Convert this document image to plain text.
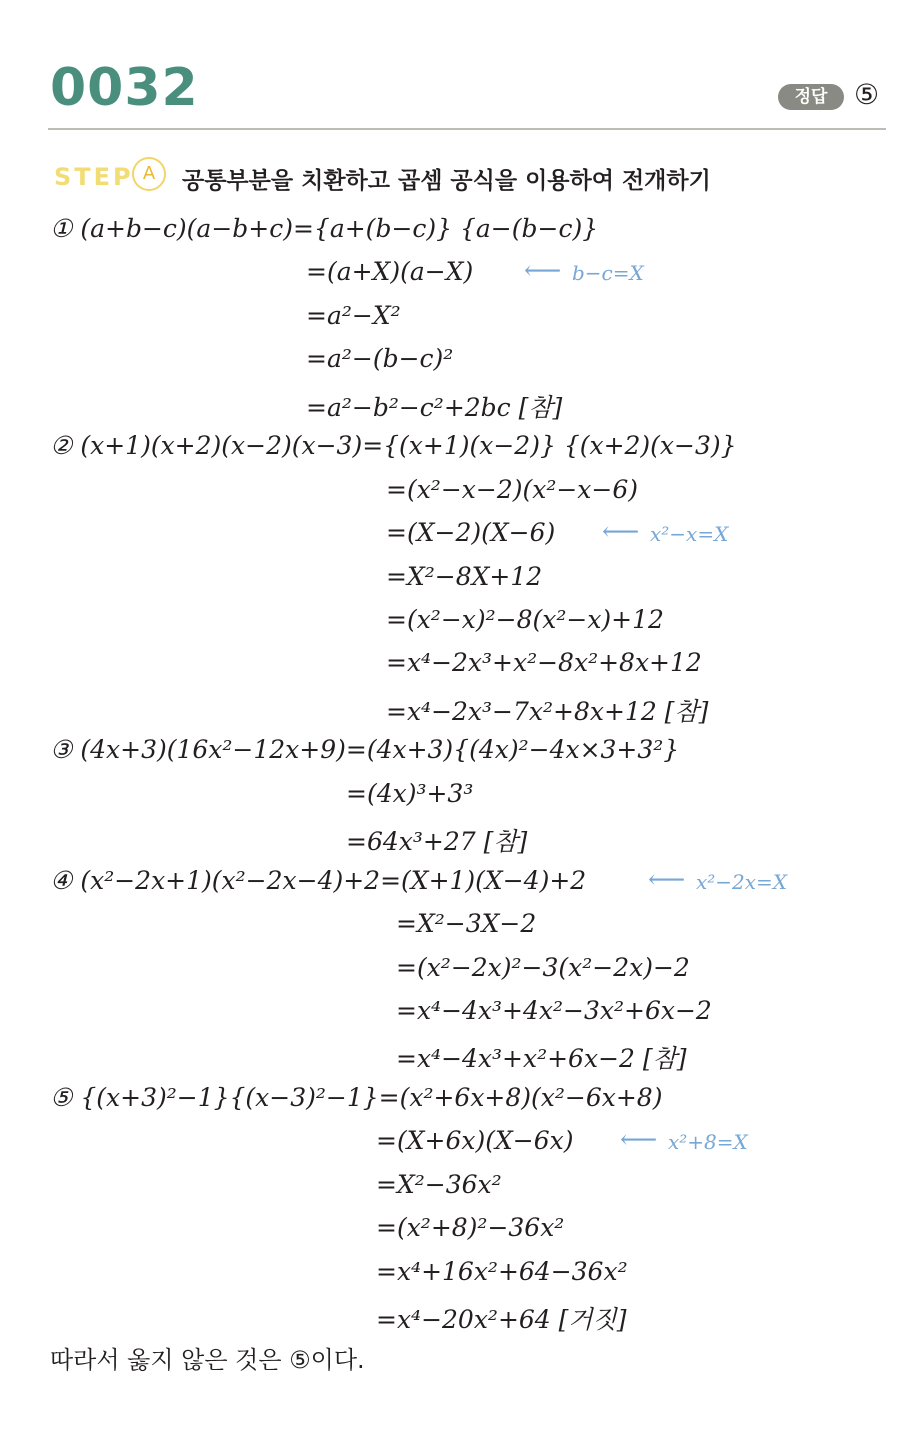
0032	정답 ⑤
STEP A	공통부분을 치환하고 곱셈 공식을 이용하여 전개하기
① (a+b−c)(a−b+c)={a+(b−c)} {a−(b−c)}
=(a+X)(a−X) ⟵ b−c=X
=a²−X²
=a²−(b−c)²
=a²−b²−c²+2bc [참]
② (x+1)(x+2)(x−2)(x−3)={(x+1)(x−2)} {(x+2)(x−3)}
=(x²−x−2)(x²−x−6)
=(X−2)(X−6) ⟵ x²−x=X
=X²−8X+12
=(x²−x)²−8(x²−x)+12
=x⁴−2x³+x²−8x²+8x+12
=x⁴−2x³−7x²+8x+12 [참]
③ (4x+3)(16x²−12x+9)=(4x+3){(4x)²−4x×3+3²}
=(4x)³+3³
=64x³+27 [참]
④ (x²−2x+1)(x²−2x−4)+2=(X+1)(X−4)+2 ⟵ x²−2x=X
=X²−3X−2
=(x²−2x)²−3(x²−2x)−2
=x⁴−4x³+4x²−3x²+6x−2
=x⁴−4x³+x²+6x−2 [참]
⑤ {(x+3)²−1}{(x−3)²−1}=(x²+6x+8)(x²−6x+8)
=(X+6x)(X−6x) ⟵ x²+8=X
=X²−36x²
=(x²+8)²−36x²
=x⁴+16x²+64−36x²
=x⁴−20x²+64 [거짓]
따라서 옳지 않은 것은 ⑤이다.
